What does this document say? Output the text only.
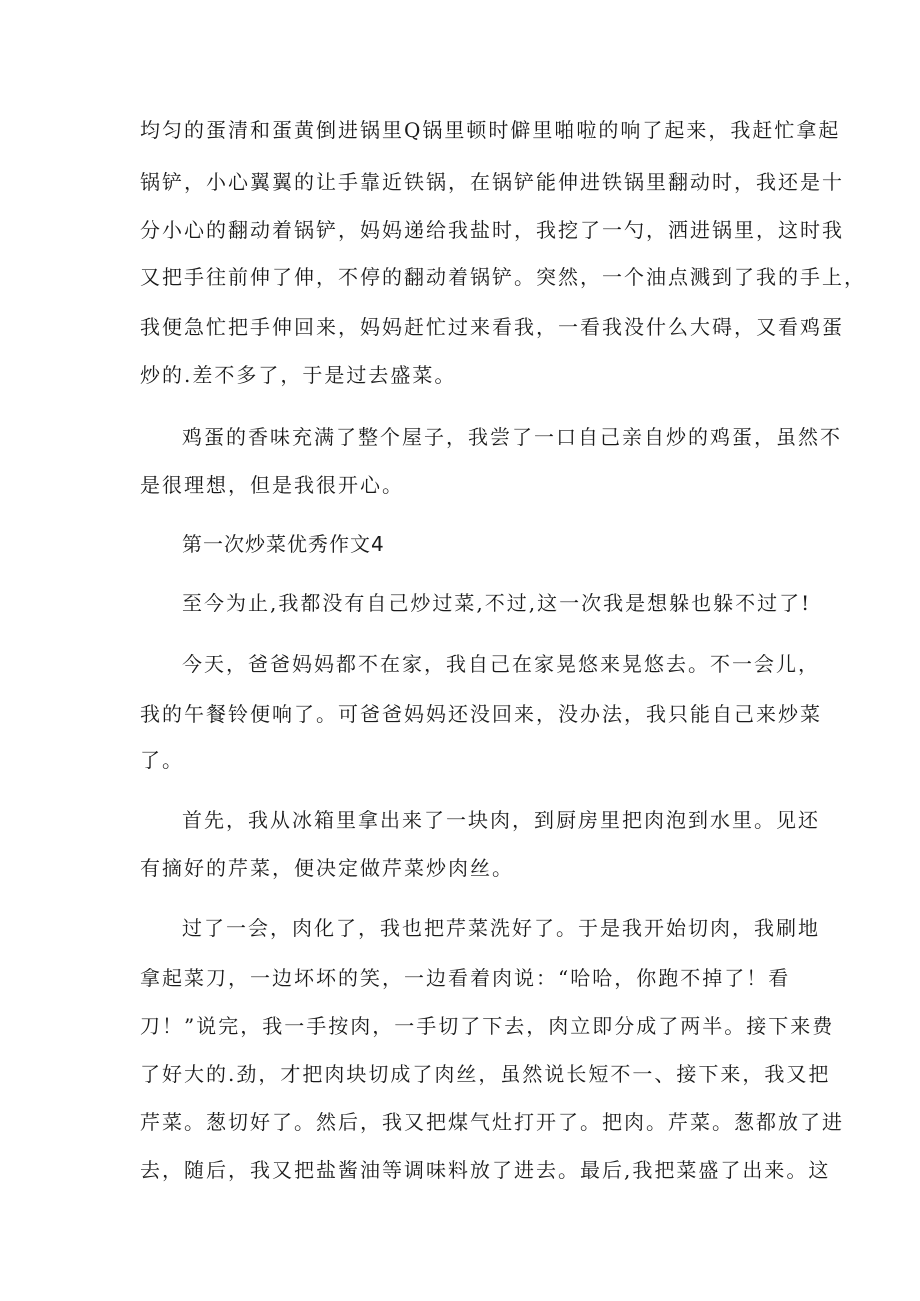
均匀的蛋清和蛋黄倒进锅里Q锅里顿时僻里啪啦的响了起来，我赶忙拿起
锅铲，小心翼翼的让手靠近铁锅，在锅铲能伸进铁锅里翻动时，我还是十
分小心的翻动着锅铲，妈妈递给我盐时，我挖了一勺，洒进锅里，这时我
又把手往前伸了伸，不停的翻动着锅铲。突然，一个油点溅到了我的手上，
我便急忙把手伸回来，妈妈赶忙过来看我，一看我没什么大碍，又看鸡蛋
炒的.差不多了，于是过去盛菜。
鸡蛋的香味充满了整个屋子，我尝了一口自己亲自炒的鸡蛋，虽然不
是很理想，但是我很开心。
第一次炒菜优秀作文4
至今为止,我都没有自己炒过菜,不过,这一次我是想躲也躲不过了!
今天，爸爸妈妈都不在家，我自己在家晃悠来晃悠去。不一会儿，
我的午餐铃便响了。可爸爸妈妈还没回来，没办法，我只能自己来炒菜
了。
首先，我从冰箱里拿出来了一块肉，到厨房里把肉泡到水里。见还
有摘好的芹菜，便决定做芹菜炒肉丝。
过了一会，肉化了，我也把芹菜洗好了。于是我开始切肉，我刷地
拿起菜刀，一边坏坏的笑，一边看着肉说：“哈哈，你跑不掉了！看
刀！”说完，我一手按肉，一手切了下去，肉立即分成了两半。接下来费
了好大的.劲，才把肉块切成了肉丝，虽然说长短不一、接下来，我又把
芹菜。葱切好了。然后，我又把煤气灶打开了。把肉。芹菜。葱都放了进
去，随后，我又把盐酱油等调味料放了进去。最后,我把菜盛了出来。这
